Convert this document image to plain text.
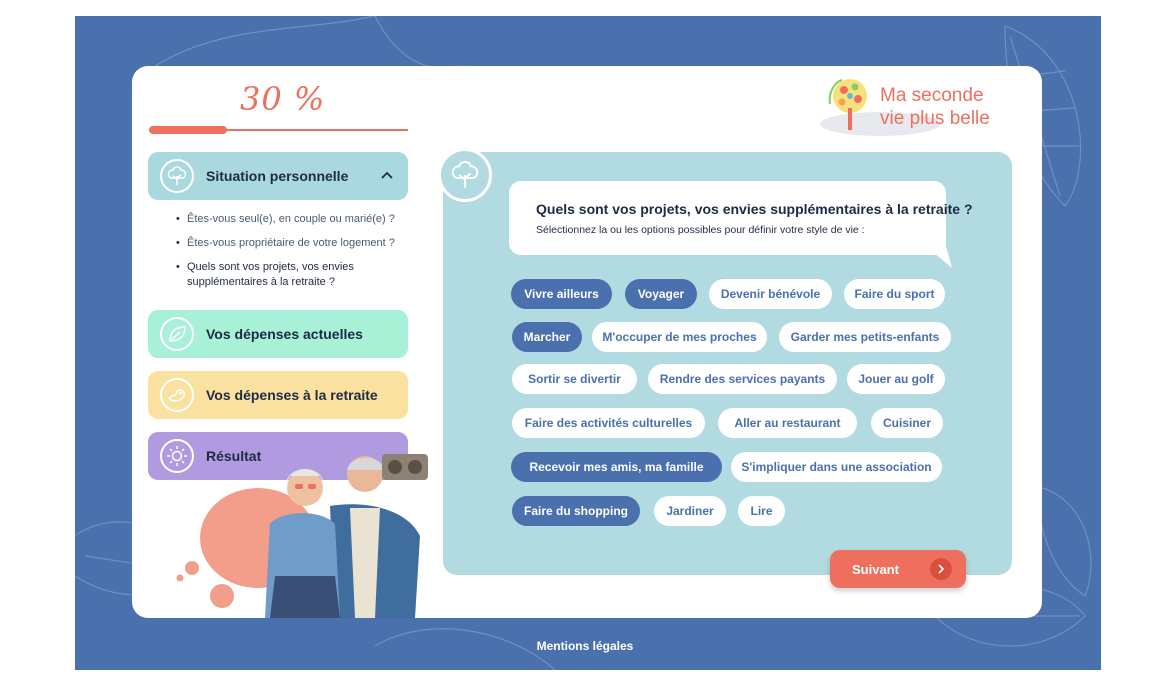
30 %	Ma seconde
vie plus belle
Situation personnelle
• Êtes-vous seul(e), en couple ou marié(e) ?
• Êtes-vous propriétaire de votre logement ?
• Quels sont vos projets, vos envies supplémentaires à la retraite ?
Vos dépenses actuelles
Vos dépenses à la retraite
Résultat
Quels sont vos projets, vos envies supplémentaires à la retraite ?
Sélectionnez la ou les options possibles pour définir votre style de vie :
Vivre ailleurs	Voyager	Devenir bénévole	Faire du sport
Marcher	M'occuper de mes proches	Garder mes petits-enfants
Sortir se divertir	Rendre des services payants	Jouer au golf
Faire des activités culturelles	Aller au restaurant	Cuisiner
Recevoir mes amis, ma famille	S'impliquer dans une association
Faire du shopping	Jardiner	Lire
Suivant
Mentions légales
